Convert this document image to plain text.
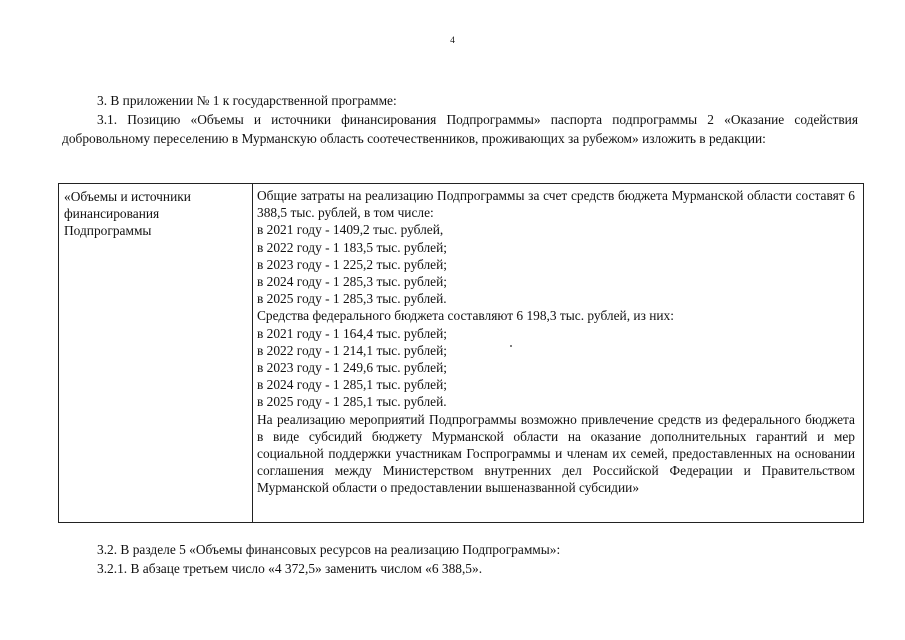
4

3. В приложении № 1 к государственной программе:

3.1. Позицию «Объемы и источники финансирования Подпрограммы» паспорта подпрограммы 2 «Оказание содействия добровольному переселению в Мурманскую область соотечественников, проживающих за рубежом» изложить в редакции:

«Объемы и источники финансирования Подпрограммы
Общие затраты на реализацию Подпрограммы за счет средств бюджета Мурманской области составят 6 388,5 тыс. рублей, в том числе:
в 2021 году - 1409,2 тыс. рублей,
в 2022 году - 1 183,5 тыс. рублей;
в 2023 году - 1 225,2 тыс. рублей;
в 2024 году - 1 285,3 тыс. рублей;
в 2025 году - 1 285,3 тыс. рублей.
Средства федерального бюджета составляют 6 198,3 тыс. рублей, из них:
в 2021 году - 1 164,4 тыс. рублей;
в 2022 году - 1 214,1 тыс. рублей;
в 2023 году - 1 249,6 тыс. рублей;
в 2024 году - 1 285,1 тыс. рублей;
в 2025 году - 1 285,1 тыс. рублей.
На реализацию мероприятий Подпрограммы возможно привлечение средств из федерального бюджета в виде субсидий бюджету Мурманской области на оказание дополнительных гарантий и мер социальной поддержки участникам Госпрограммы и членам их семей, предоставленных на основании соглашения между Министерством внутренних дел Российской Федерации и Правительством Мурманской области о предоставлении вышеназванной субсидии»

3.2. В разделе 5 «Объемы финансовых ресурсов на реализацию Подпрограммы»:

3.2.1. В абзаце третьем число «4 372,5» заменить числом «6 388,5».
